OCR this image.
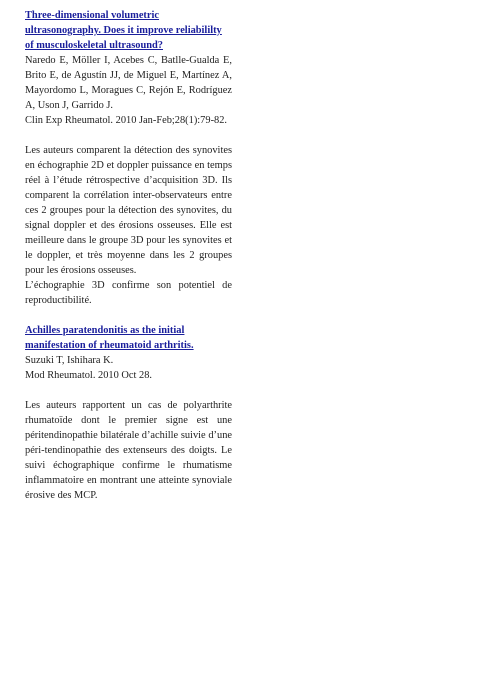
Three-dimensional volumetric ultrasonography. Does it improve reliabililty of musculoskeletal ultrasound?

Naredo E, Möller I, Acebes C, Batlle-Gualda E, Brito E, de Agustín JJ, de Miguel E, Martínez A, Mayordomo L, Moragues C, Rejón E, Rodríguez A, Uson J, Garrido J.
Clin Exp Rheumatol. 2010 Jan-Feb;28(1):79-82.

Les auteurs comparent la détection des synovites en échographie 2D et doppler puissance en temps réel à l’étude rétrospective d’acquisition 3D. Ils comparent la corrélation inter-observateurs entre ces 2 groupes pour la détection des synovites, du signal doppler et des érosions osseuses. Elle est meilleure dans le groupe 3D pour les synovites et le doppler, et très moyenne dans les 2 groupes pour les érosions osseuses.

L’échographie 3D confirme son potentiel de reproductibilité.

Achilles paratendonitis as the initial manifestation of rheumatoid arthritis.

Suzuki T, Ishihara K.
Mod Rheumatol. 2010 Oct 28.

Les auteurs rapportent un cas de polyarthrite rhumatoïde dont le premier signe est une péritendinopathie bilatérale d’achille suivie d’une péri-tendinopathie des extenseurs des doigts. Le suivi échographique confirme le rhumatisme inflammatoire en montrant une atteinte synoviale érosive des MCP.
